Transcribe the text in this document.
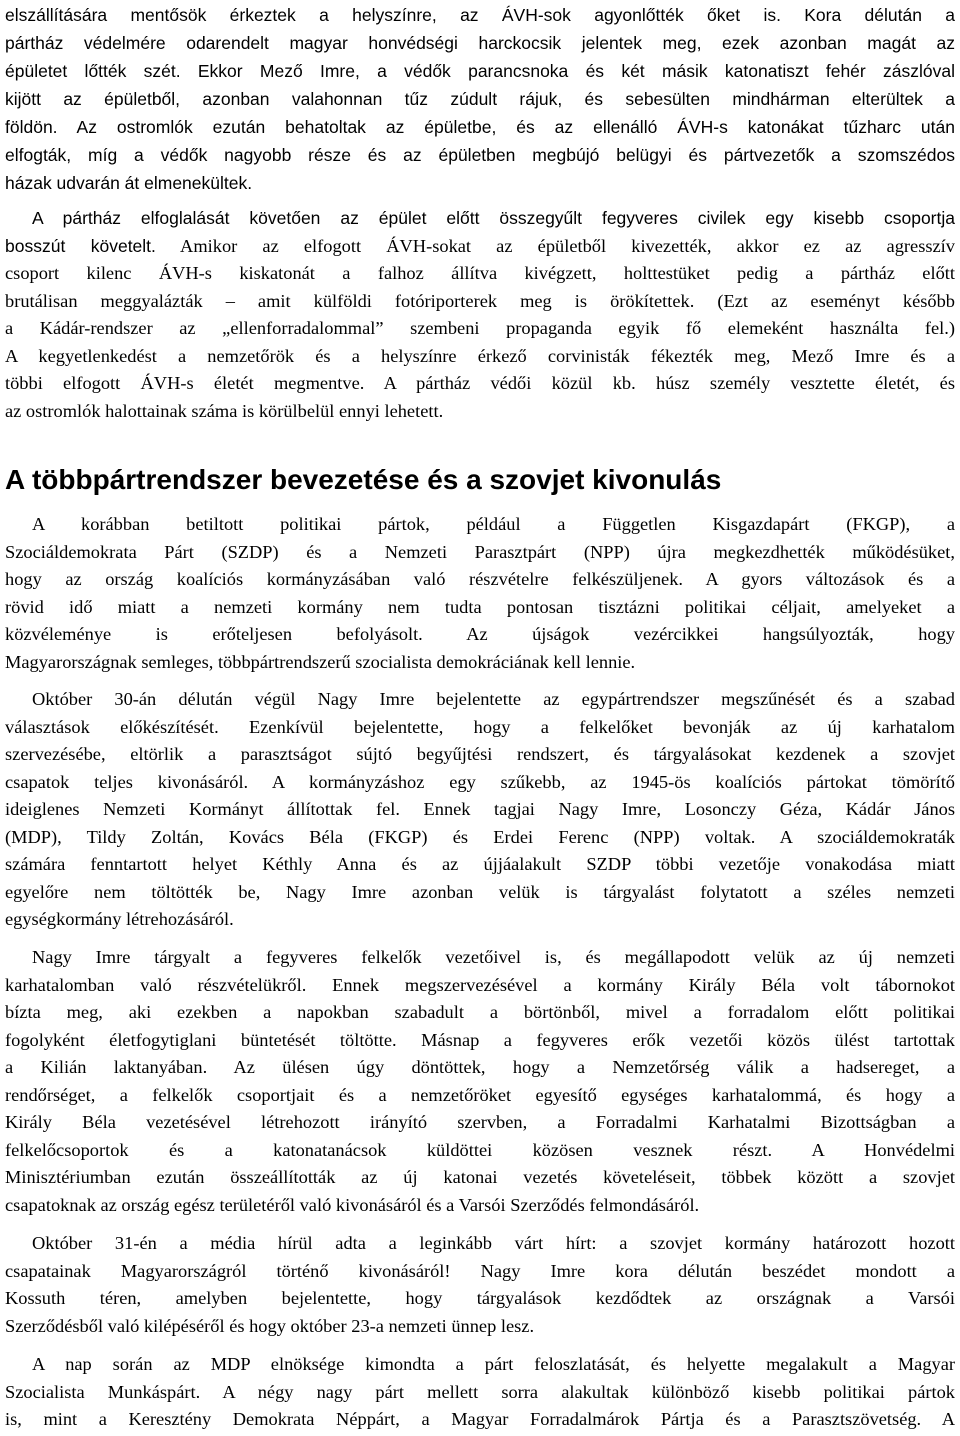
elszállítására mentősök érkeztek a helyszínre, az ÁVH-sok agyonlőtték őket is. Kora délután a
pártház védelmére odarendelt magyar honvédségi harckocsik jelentek meg, ezek azonban magát az
épületet lőtték szét. Ekkor Mező Imre, a védők parancsnoka és két másik katonatiszt fehér zászlóval
kijött az épületből, azonban valahonnan tűz zúdult rájuk, és sebesülten mindhárman elterültek a
földön. Az ostromlók ezután behatoltak az épületbe, és az ellenálló ÁVH-s katonákat tűzharc után
elfogták, míg a védők nagyobb része és az épületben megbújó belügyi és pártvezetők a szomszédos
házak udvarán át elmenekültek.
A pártház elfoglalását követően az épület előtt összegyűlt fegyveres civilek egy kisebb csoportja
bosszút követelt. Amikor az elfogott ÁVH-sokat az épületből kivezették, akkor ez az agresszív
csoport kilenc ÁVH-s kiskatonát a falhoz állítva kivégzett, holttestüket pedig a pártház előtt
brutálisan meggyalázták – amit külföldi fotóriporterek meg is örökítettek. (Ezt az eseményt később
a Kádár-rendszer az „ellenforradalommal” szembeni propaganda egyik fő elemeként használta fel.)
A kegyetlenkedést a nemzetőrök és a helyszínre érkező corvinisták fékezték meg, Mező Imre és a
többi elfogott ÁVH-s életét megmentve. A pártház védői közül kb. húsz személy vesztette életét, és
az ostromlók halottainak száma is körülbelül ennyi lehetett.
A többpártrendszer bevezetése és a szovjet kivonulás
A korábban betiltott politikai pártok, például a Független Kisgazdapárt (FKGP), a
Szociáldemokrata Párt (SZDP) és a Nemzeti Parasztpárt (NPP) újra megkezdhették működésüket,
hogy az ország koalíciós kormányzásában való részvételre felkészüljenek. A gyors változások és a
rövid idő miatt a nemzeti kormány nem tudta pontosan tisztázni politikai céljait, amelyeket a
közvéleménye is erőteljesen befolyásolt. Az újságok vezércikkei hangsúlyozták, hogy
Magyarországnak semleges, többpártrendszerű szocialista demokráciának kell lennie.
Október 30-án délután végül Nagy Imre bejelentette az egypártrendszer megszűnését és a szabad
választások előkészítését. Ezenkívül bejelentette, hogy a felkelőket bevonják az új karhatalom
szervezésébe, eltörlik a parasztságot sújtó begyűjtési rendszert, és tárgyalásokat kezdenek a szovjet
csapatok teljes kivonásáról. A kormányzáshoz egy szűkebb, az 1945-ös koalíciós pártokat tömörítő
ideiglenes Nemzeti Kormányt állítottak fel. Ennek tagjai Nagy Imre, Losonczy Géza, Kádár János
(MDP), Tildy Zoltán, Kovács Béla (FKGP) és Erdei Ferenc (NPP) voltak. A szociáldemokraták
számára fenntartott helyet Kéthly Anna és az újjáalakult SZDP többi vezetője vonakodása miatt
egyelőre nem töltötték be, Nagy Imre azonban velük is tárgyalást folytatott a széles nemzeti
egységkormány létrehozásáról.
Nagy Imre tárgyalt a fegyveres felkelők vezetőivel is, és megállapodott velük az új nemzeti
karhatalomban való részvételükről. Ennek megszervezésével a kormány Király Béla volt tábornokot
bízta meg, aki ezekben a napokban szabadult a börtönből, mivel a forradalom előtt politikai
fogolyként életfogytiglani büntetését töltötte. Másnap a fegyveres erők vezetői közös ülést tartottak
a Kilián laktanyában. Az ülésen úgy döntöttek, hogy a Nemzetőrség válik a hadsereget, a
rendőrséget, a felkelők csoportjait és a nemzetőröket egyesítő egységes karhatalommá, és hogy a
Király Béla vezetésével létrehozott irányító szervben, a Forradalmi Karhatalmi Bizottságban a
felkelőcsoportok és a katonatanácsok küldöttei közösen vesznek részt. A Honvédelmi
Minisztériumban ezután összeállították az új katonai vezetés követeléseit, többek között a szovjet
csapatoknak az ország egész területéről való kivonásáról és a Varsói Szerződés felmondásáról.
Október 31-én a média hírül adta a leginkább várt hírt: a szovjet kormány határozott hozott
csapatainak Magyarországról történő kivonásáról! Nagy Imre kora délután beszédet mondott a
Kossuth téren, amelyben bejelentette, hogy tárgyalások kezdődtek az országnak a Varsói
Szerződésből való kilépéséről és hogy október 23-a nemzeti ünnep lesz.
A nap során az MDP elnöksége kimondta a párt feloszlatását, és helyette megalakult a Magyar
Szocialista Munkáspárt. A négy nagy párt mellett sorra alakultak különböző kisebb politikai pártok
is, mint a Keresztény Demokrata Néppárt, a Magyar Forradalmárok Pártja és a Parasztszövetség. A
